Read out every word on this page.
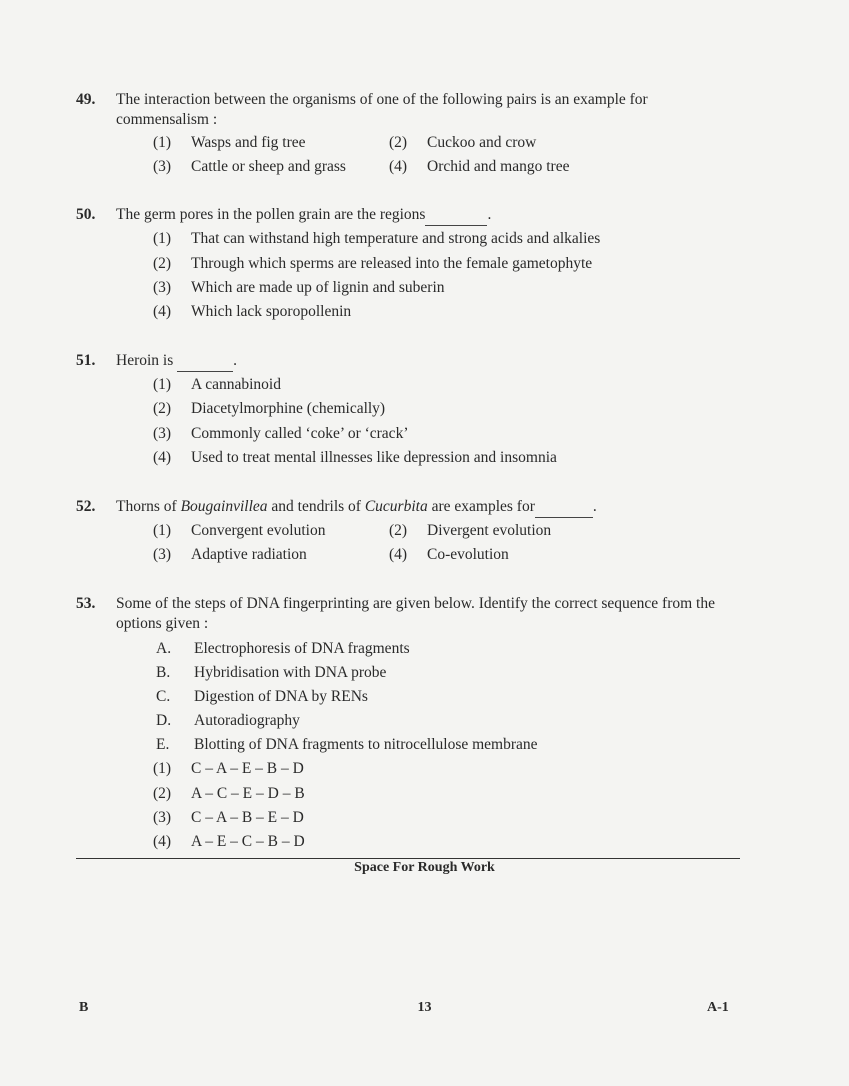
49.	The interaction between the organisms of one of the following pairs is an example for commensalism :
(1) Wasps and fig tree	(2) Cuckoo and crow
(3) Cattle or sheep and grass	(4) Orchid and mango tree
50.	The germ pores in the pollen grain are the regions	.
(1) That can withstand high temperature and strong acids and alkalies
(2) Through which sperms are released into the female gametophyte
(3) Which are made up of lignin and suberin
(4) Which lack sporopollenin
51.	Heroin is	.
(1) A cannabinoid
(2) Diacetylmorphine (chemically)
(3) Commonly called ‘coke’ or ‘crack’
(4) Used to treat mental illnesses like depression and insomnia
52.	Thorns of Bougainvillea and tendrils of Cucurbita are examples for	.
(1) Convergent evolution	(2) Divergent evolution
(3) Adaptive radiation	(4) Co-evolution
53.	Some of the steps of DNA fingerprinting are given below. Identify the correct sequence from the options given :
A. Electrophoresis of DNA fragments
B. Hybridisation with DNA probe
C. Digestion of DNA by RENs
D. Autoradiography
E. Blotting of DNA fragments to nitrocellulose membrane
(1) C – A – E – B – D
(2) A – C – E – D – B
(3) C – A – B – E – D
(4) A – E – C – B – D
Space For Rough Work
B	13	A-1
